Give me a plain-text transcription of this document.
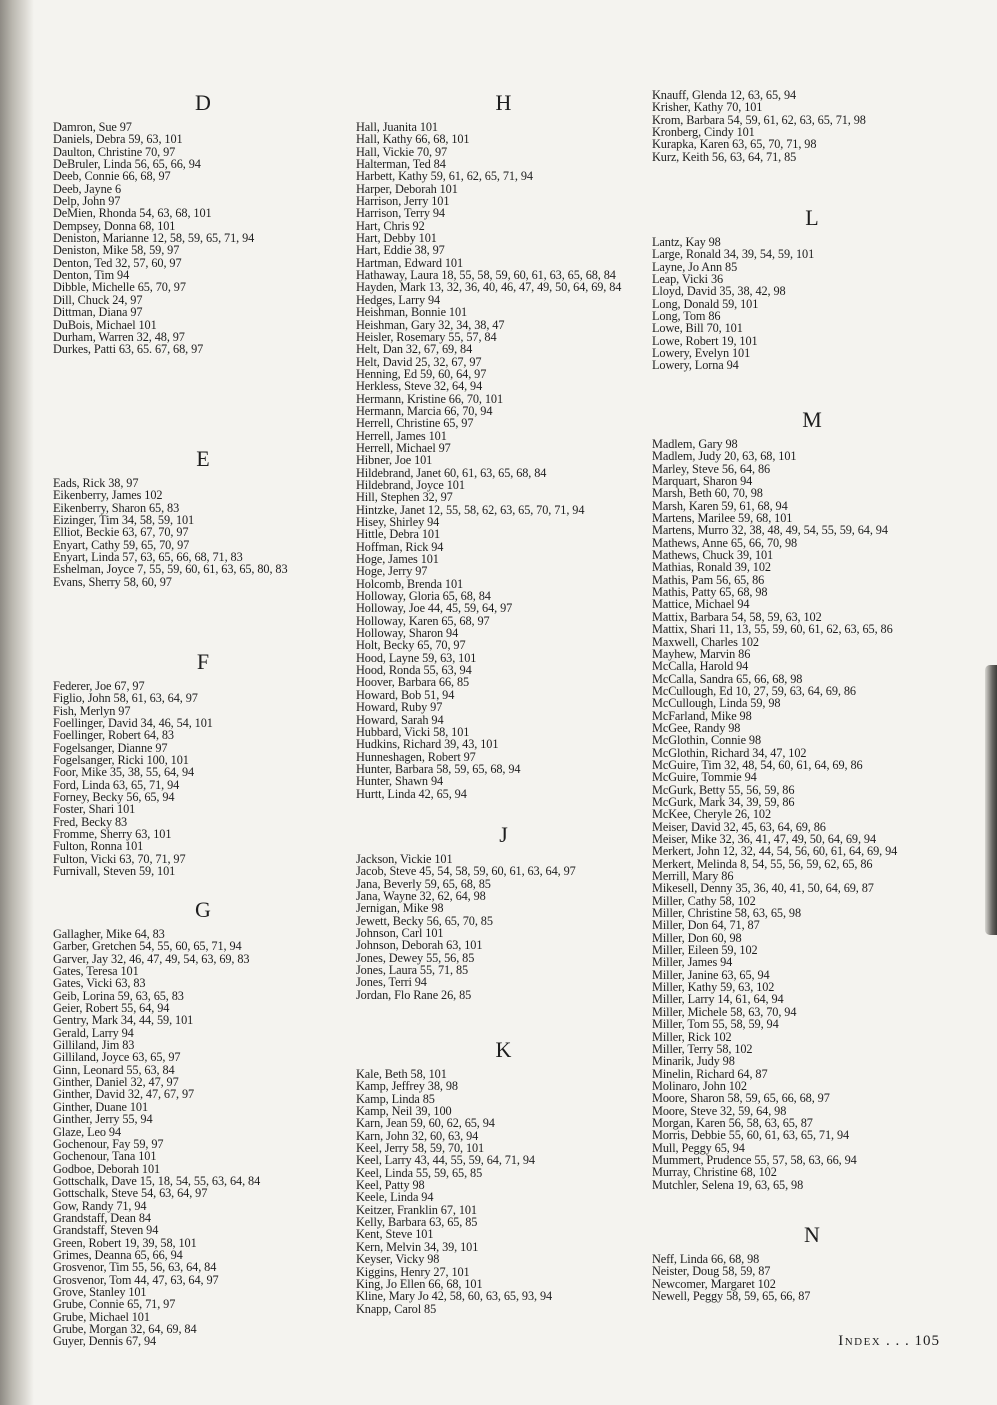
D
Damron, Sue 97
Daniels, Debra 59, 63, 101
Daulton, Christine 70, 97
DeBruler, Linda 56, 65, 66, 94
Deeb, Connie 66, 68, 97
Deeb, Jayne 6
Delp, John 97
DeMien, Rhonda 54, 63, 68, 101
Dempsey, Donna 68, 101
Deniston, Marianne 12, 58, 59, 65, 71, 94
Deniston, Mike 58, 59, 97
Denton, Ted 32, 57, 60, 97
Denton, Tim 94
Dibble, Michelle 65, 70, 97
Dill, Chuck 24, 97
Dittman, Diana 97
DuBois, Michael 101
Durham, Warren 32, 48, 97
Durkes, Patti 63, 65. 67, 68, 97
E
Eads, Rick 38, 97
Eikenberry, James 102
Eikenberry, Sharon 65, 83
Eizinger, Tim 34, 58, 59, 101
Elliot, Beckie 63, 67, 70, 97
Enyart, Cathy 59, 65, 70, 97
Enyart, Linda 57, 63, 65, 66, 68, 71, 83
Eshelman, Joyce 7, 55, 59, 60, 61, 63, 65, 80, 83
Evans, Sherry 58, 60, 97
F
Federer, Joe 67, 97
Figlio, John 58, 61, 63, 64, 97
Fish, Merlyn 97
Foellinger, David 34, 46, 54, 101
Foellinger, Robert 64, 83
Fogelsanger, Dianne 97
Fogelsanger, Ricki 100, 101
Foor, Mike 35, 38, 55, 64, 94
Ford, Linda 63, 65, 71, 94
Forney, Becky 56, 65, 94
Foster, Shari 101
Fred, Becky 83
Fromme, Sherry 63, 101
Fulton, Ronna 101
Fulton, Vicki 63, 70, 71, 97
Furnivall, Steven 59, 101
G
Gallagher, Mike 64, 83
Garber, Gretchen 54, 55, 60, 65, 71, 94
Garver, Jay 32, 46, 47, 49, 54, 63, 69, 83
Gates, Teresa 101
Gates, Vicki 63, 83
Geib, Lorina 59, 63, 65, 83
Geier, Robert 55, 64, 94
Gentry, Mark 34, 44, 59, 101
Gerald, Larry 94
Gilliland, Jim 83
Gilliland, Joyce 63, 65, 97
Ginn, Leonard 55, 63, 84
Ginther, Daniel 32, 47, 97
Ginther, David 32, 47, 67, 97
Ginther, Duane 101
Ginther, Jerry 55, 94
Glaze, Leo 94
Gochenour, Fay 59, 97
Gochenour, Tana 101
Godboe, Deborah 101
Gottschalk, Dave 15, 18, 54, 55, 63, 64, 84
Gottschalk, Steve 54, 63, 64, 97
Gow, Randy 71, 94
Grandstaff, Dean 84
Grandstaff, Steven 94
Green, Robert 19, 39, 58, 101
Grimes, Deanna 65, 66, 94
Grosvenor, Tim 55, 56, 63, 64, 84
Grosvenor, Tom 44, 47, 63, 64, 97
Grove, Stanley 101
Grube, Connie 65, 71, 97
Grube, Michael 101
Grube, Morgan 32, 64, 69, 84
Guyer, Dennis 67, 94
H
Hall, Juanita 101
Hall, Kathy 66, 68, 101
Hall, Vickie 70, 97
Halterman, Ted 84
Harbett, Kathy 59, 61, 62, 65, 71, 94
Harper, Deborah 101
Harrison, Jerry 101
Harrison, Terry 94
Hart, Chris 92
Hart, Debby 101
Hart, Eddie 38, 97
Hartman, Edward 101
Hathaway, Laura 18, 55, 58, 59, 60, 61, 63, 65, 68, 84
Hayden, Mark 13, 32, 36, 40, 46, 47, 49, 50, 64, 69, 84
Hedges, Larry 94
Heishman, Bonnie 101
Heishman, Gary 32, 34, 38, 47
Heisler, Rosemary 55, 57, 84
Helt, Dan 32, 67, 69, 84
Helt, David 25, 32, 67, 97
Henning, Ed 59, 60, 64, 97
Herkless, Steve 32, 64, 94
Hermann, Kristine 66, 70, 101
Hermann, Marcia 66, 70, 94
Herrell, Christine 65, 97
Herrell, James 101
Herrell, Michael 97
Hibner, Joe 101
Hildebrand, Janet 60, 61, 63, 65, 68, 84
Hildebrand, Joyce 101
Hill, Stephen 32, 97
Hintzke, Janet 12, 55, 58, 62, 63, 65, 70, 71, 94
Hisey, Shirley 94
Hittle, Debra 101
Hoffman, Rick 94
Hoge, James 101
Hoge, Jerry 97
Holcomb, Brenda 101
Holloway, Gloria 65, 68, 84
Holloway, Joe 44, 45, 59, 64, 97
Holloway, Karen 65, 68, 97
Holloway, Sharon 94
Holt, Becky 65, 70, 97
Hood, Layne 59, 63, 101
Hood, Ronda 55, 63, 94
Hoover, Barbara 66, 85
Howard, Bob 51, 94
Howard, Ruby 97
Howard, Sarah 94
Hubbard, Vicki 58, 101
Hudkins, Richard 39, 43, 101
Hunneshagen, Robert 97
Hunter, Barbara 58, 59, 65, 68, 94
Hunter, Shawn 94
Hurtt, Linda 42, 65, 94
J
Jackson, Vickie 101
Jacob, Steve 45, 54, 58, 59, 60, 61, 63, 64, 97
Jana, Beverly 59, 65, 68, 85
Jana, Wayne 32, 62, 64, 98
Jernigan, Mike 98
Jewett, Becky 56, 65, 70, 85
Johnson, Carl 101
Johnson, Deborah 63, 101
Jones, Dewey 55, 56, 85
Jones, Laura 55, 71, 85
Jones, Terri 94
Jordan, Flo Rane 26, 85
K
Kale, Beth 58, 101
Kamp, Jeffrey 38, 98
Kamp, Linda 85
Kamp, Neil 39, 100
Karn, Jean 59, 60, 62, 65, 94
Karn, John 32, 60, 63, 94
Keel, Jerry 58, 59, 70, 101
Keel, Larry 43, 44, 55, 59, 64, 71, 94
Keel, Linda 55, 59, 65, 85
Keel, Patty 98
Keele, Linda 94
Keitzer, Franklin 67, 101
Kelly, Barbara 63, 65, 85
Kent, Steve 101
Kern, Melvin 34, 39, 101
Keyser, Vicky 98
Kiggins, Henry 27, 101
King, Jo Ellen 66, 68, 101
Kline, Mary Jo 42, 58, 60, 63, 65, 93, 94
Knapp, Carol 85
Knauff, Glenda 12, 63, 65, 94
Krisher, Kathy 70, 101
Krom, Barbara 54, 59, 61, 62, 63, 65, 71, 98
Kronberg, Cindy 101
Kurapka, Karen 63, 65, 70, 71, 98
Kurz, Keith 56, 63, 64, 71, 85
L
Lantz, Kay 98
Large, Ronald 34, 39, 54, 59, 101
Layne, Jo Ann 85
Leap, Vicki 36
Lloyd, David 35, 38, 42, 98
Long, Donald 59, 101
Long, Tom 86
Lowe, Bill 70, 101
Lowe, Robert 19, 101
Lowery, Evelyn 101
Lowery, Lorna 94
M
Madlem, Gary 98
Madlem, Judy 20, 63, 68, 101
Marley, Steve 56, 64, 86
Marquart, Sharon 94
Marsh, Beth 60, 70, 98
Marsh, Karen 59, 61, 68, 94
Martens, Marilee 59, 68, 101
Martens, Murro 32, 38, 48, 49, 54, 55, 59, 64, 94
Mathews, Anne 65, 66, 70, 98
Mathews, Chuck 39, 101
Mathias, Ronald 39, 102
Mathis, Pam 56, 65, 86
Mathis, Patty 65, 68, 98
Mattice, Michael 94
Mattix, Barbara 54, 58, 59, 63, 102
Mattix, Shari 11, 13, 55, 59, 60, 61, 62, 63, 65, 86
Maxwell, Charles 102
Mayhew, Marvin 86
McCalla, Harold 94
McCalla, Sandra 65, 66, 68, 98
McCullough, Ed 10, 27, 59, 63, 64, 69, 86
McCullough, Linda 59, 98
McFarland, Mike 98
McGee, Randy 98
McGlothin, Connie 98
McGlothin, Richard 34, 47, 102
McGuire, Tim 32, 48, 54, 60, 61, 64, 69, 86
McGuire, Tommie 94
McGurk, Betty 55, 56, 59, 86
McGurk, Mark 34, 39, 59, 86
McKee, Cheryle 26, 102
Meiser, David 32, 45, 63, 64, 69, 86
Meiser, Mike 32, 36, 41, 47, 49, 50, 64, 69, 94
Merkert, John 12, 32, 44, 54, 56, 60, 61, 64, 69, 94
Merkert, Melinda 8, 54, 55, 56, 59, 62, 65, 86
Merrill, Mary 86
Mikesell, Denny 35, 36, 40, 41, 50, 64, 69, 87
Miller, Cathy 58, 102
Miller, Christine 58, 63, 65, 98
Miller, Don 64, 71, 87
Miller, Don 60, 98
Miller, Eileen 59, 102
Miller, James 94
Miller, Janine 63, 65, 94
Miller, Kathy 59, 63, 102
Miller, Larry 14, 61, 64, 94
Miller, Michele 58, 63, 70, 94
Miller, Tom 55, 58, 59, 94
Miller, Rick 102
Miller, Terry 58, 102
Minarik, Judy 98
Minelin, Richard 64, 87
Molinaro, John 102
Moore, Sharon 58, 59, 65, 66, 68, 97
Moore, Steve 32, 59, 64, 98
Morgan, Karen 56, 58, 63, 65, 87
Morris, Debbie 55, 60, 61, 63, 65, 71, 94
Mull, Peggy 65, 94
Mummert, Prudence 55, 57, 58, 63, 66, 94
Murray, Christine 68, 102
Mutchler, Selena 19, 63, 65, 98
N
Neff, Linda 66, 68, 98
Neister, Doug 58, 59, 87
Newcomer, Margaret 102
Newell, Peggy 58, 59, 65, 66, 87
Index . . . 105
